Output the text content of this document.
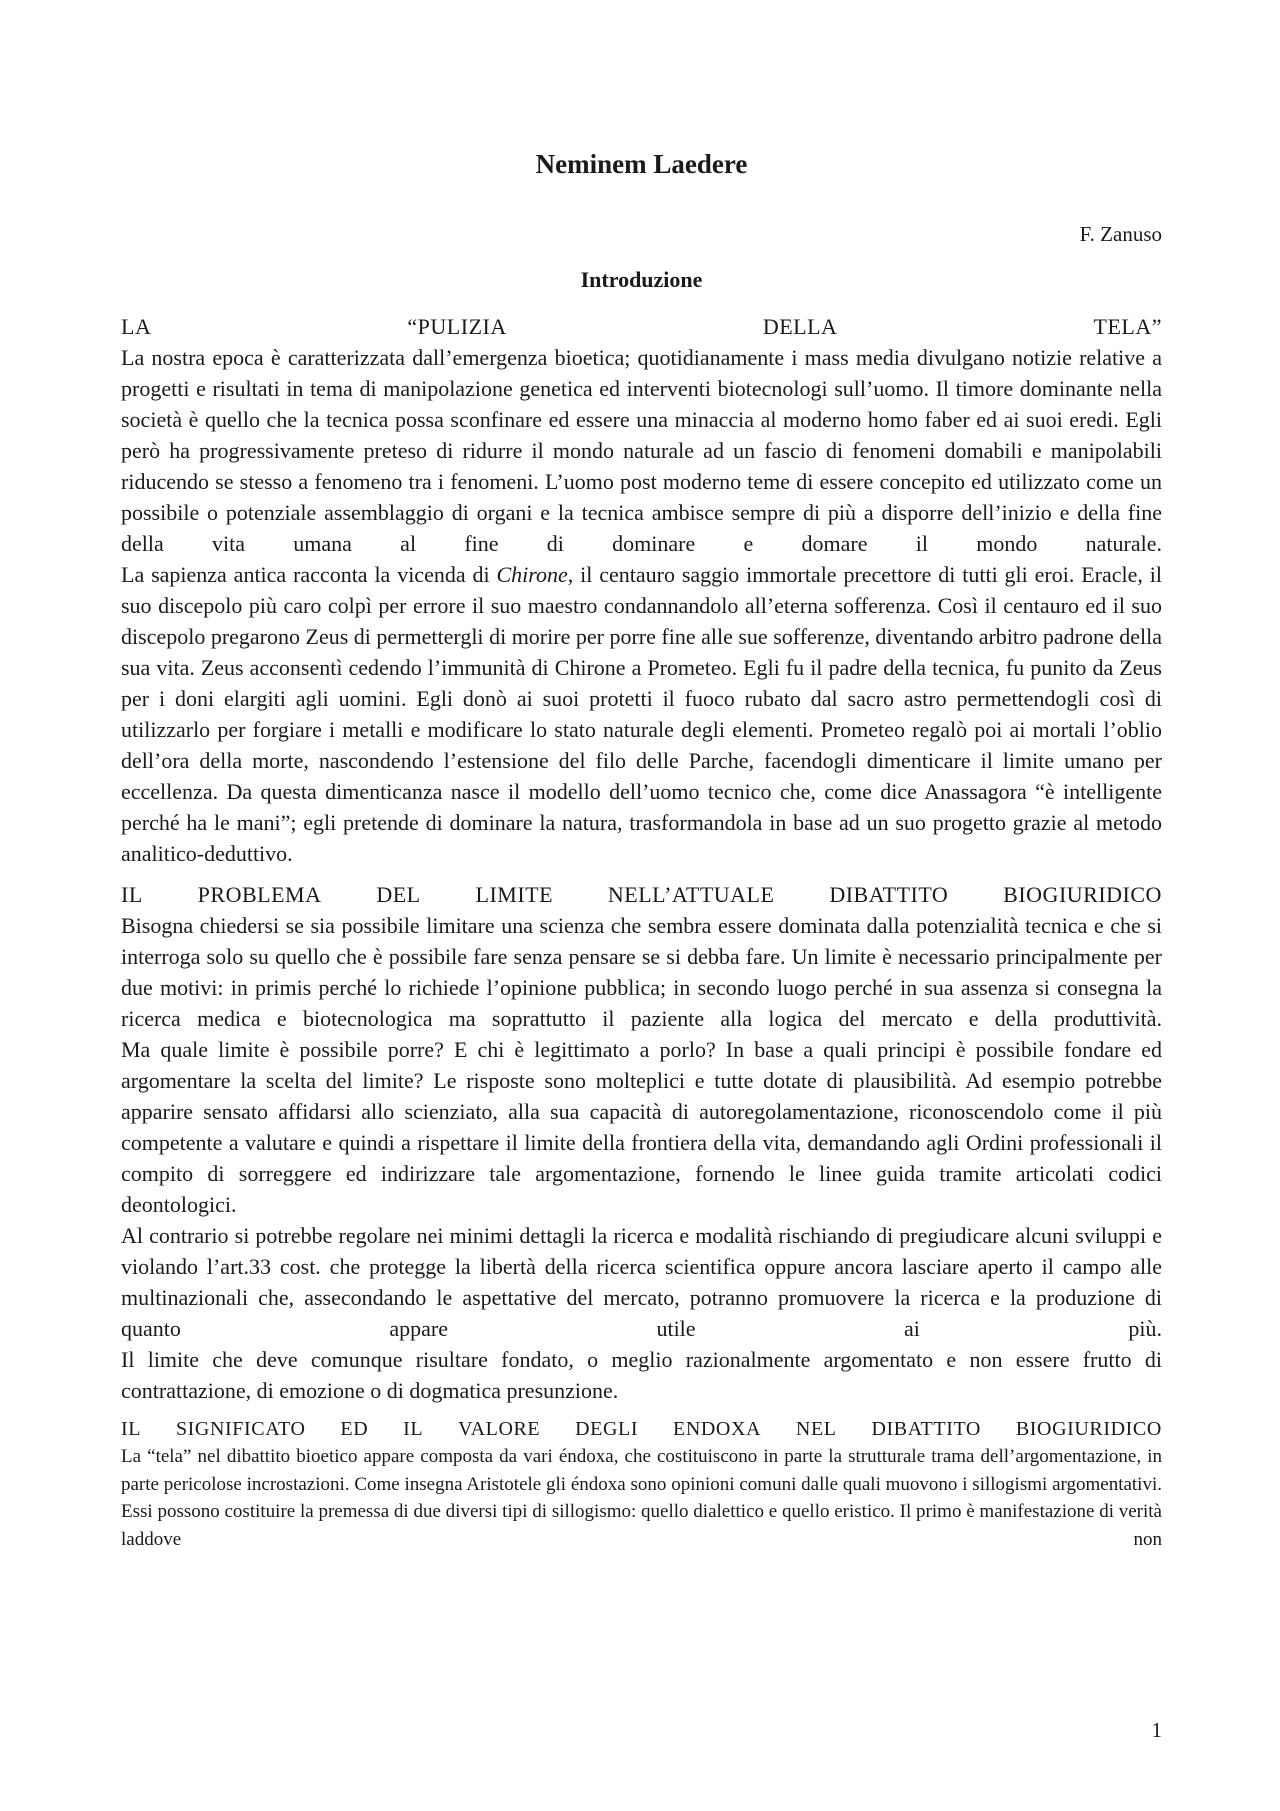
Neminem Laedere
F. Zanuso
Introduzione
LA	“PULIZIA	DELLA	TELA”

La nostra epoca è caratterizzata dall’emergenza bioetica; quotidianamente i mass media divulgano notizie relative a progetti e risultati in tema di manipolazione genetica ed interventi biotecnologi sull’uomo. Il timore dominante nella società è quello che la tecnica possa sconfinare ed essere una minaccia al moderno homo faber ed ai suoi eredi. Egli però ha progressivamente preteso di ridurre il mondo naturale ad un fascio di fenomeni domabili e manipolabili riducendo se stesso a fenomeno tra i fenomeni. L’uomo post moderno teme di essere concepito ed utilizzato come un possibile o potenziale assemblaggio di organi e la tecnica ambisce sempre di più a disporre dell’inizio e della fine della vita umana al fine di dominare e domare il mondo naturale.

La sapienza antica racconta la vicenda di Chirone, il centauro saggio immortale precettore di tutti gli eroi. Eracle, il suo discepolo più caro colpì per errore il suo maestro condannandolo all’eterna sofferenza. Così il centauro ed il suo discepolo pregarono Zeus di permettergli di morire per porre fine alle sue sofferenze, diventando arbitro padrone della sua vita. Zeus acconsentì cedendo l’immunità di Chirone a Prometeo. Egli fu il padre della tecnica, fu punito da Zeus per i doni elargiti agli uomini. Egli donò ai suoi protetti il fuoco rubato dal sacro astro permettendogli così di utilizzarlo per forgiare i metalli e modificare lo stato naturale degli elementi. Prometeo regalò poi ai mortali l’oblio dell’ora della morte, nascondendo l’estensione del filo delle Parche, facendogli dimenticare il limite umano per eccellenza. Da questa dimenticanza nasce il modello dell’uomo tecnico che, come dice Anassagora “è intelligente perché ha le mani”; egli pretende di dominare la natura, trasformandola in base ad un suo progetto grazie al metodo analitico-deduttivo.

IL PROBLEMA DEL LIMITE NELL’ATTUALE DIBATTITO BIOGIURIDICO

Bisogna chiedersi se sia possibile limitare una scienza che sembra essere dominata dalla potenzialità tecnica e che si interroga solo su quello che è possibile fare senza pensare se si debba fare. Un limite è necessario principalmente per due motivi: in primis perché lo richiede l’opinione pubblica; in secondo luogo perché in sua assenza si consegna la ricerca medica e biotecnologica ma soprattutto il paziente alla logica del mercato e della produttività.

Ma quale limite è possibile porre? E chi è legittimato a porlo? In base a quali principi è possibile fondare ed argomentare la scelta del limite? Le risposte sono molteplici e tutte dotate di plausibilità. Ad esempio potrebbe apparire sensato affidarsi allo scienziato, alla sua capacità di autoregolamentazione, riconoscendolo come il più competente a valutare e quindi a rispettare il limite della frontiera della vita, demandando agli Ordini professionali il compito di sorreggere ed indirizzare tale argomentazione, fornendo le linee guida tramite articolati codici deontologici.

Al contrario si potrebbe regolare nei minimi dettagli la ricerca e modalità rischiando di pregiudicare alcuni sviluppi e violando l’art.33 cost. che protegge la libertà della ricerca scientifica oppure ancora lasciare aperto il campo alle multinazionali che, assecondando le aspettative del mercato, potranno promuovere la ricerca e la produzione di quanto appare utile ai più.

Il limite che deve comunque risultare fondato, o meglio razionalmente argomentato e non essere frutto di contrattazione, di emozione o di dogmatica presunzione.

IL SIGNIFICATO ED IL VALORE DEGLI ENDOXA NEL DIBATTITO BIOGIURIDICO

La “tela” nel dibattito bioetico appare composta da vari éndoxa, che costituiscono in parte la strutturale trama dell’argomentazione, in parte pericolose incrostazioni. Come insegna Aristotele gli éndoxa sono opinioni comuni dalle quali muovono i sillogismi argomentativi. Essi possono costituire la premessa di due diversi tipi di sillogismo: quello dialettico e quello eristico. Il primo è manifestazione di verità laddove non

1
